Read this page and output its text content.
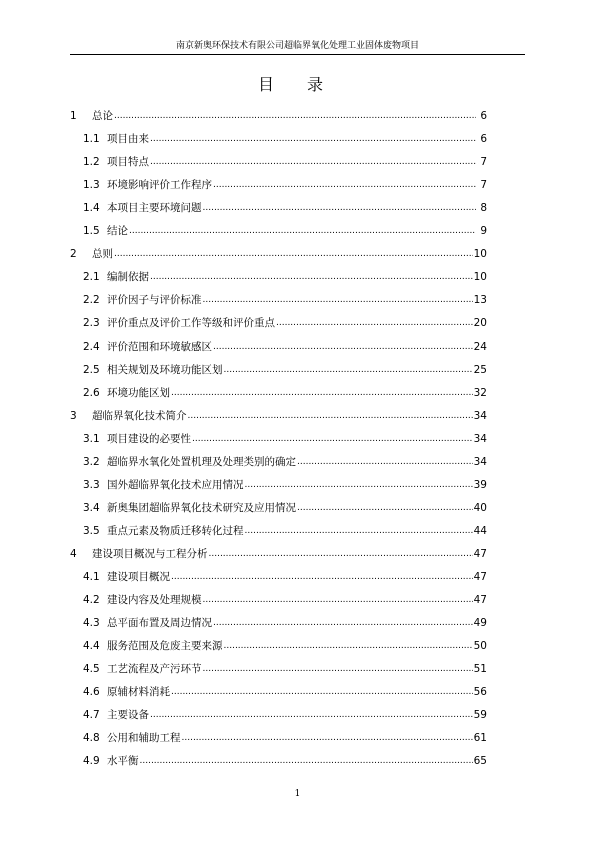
南京新奥环保技术有限公司超临界氧化处理工业固体废物项目
目 录
1	总论 .....	6
1.1 项目由来 .....	6
1.2 项目特点 .....	7
1.3 环境影响评价工作程序 .....	7
1.4 本项目主要环境问题 .....	8
1.5 结论 .....	9
2	总则 .....	10
2.1 编制依据 .....	10
2.2 评价因子与评价标准 .....	13
2.3 评价重点及评价工作等级和评价重点 .....	20
2.4 评价范围和环境敏感区 .....	24
2.5 相关规划及环境功能区划 .....	25
2.6 环境功能区划 .....	32
3	超临界氧化技术简介 .....	34
3.1 项目建设的必要性 .....	34
3.2 超临界水氧化处置机理及处理类别的确定 .....	34
3.3 国外超临界氧化技术应用情况 .....	39
3.4 新奥集团超临界氧化技术研究及应用情况 .....	40
3.5 重点元素及物质迁移转化过程 .....	44
4	建设项目概况与工程分析 .....	47
4.1 建设项目概况 .....	47
4.2 建设内容及处理规模 .....	47
4.3 总平面布置及周边情况 .....	49
4.4 服务范围及危废主要来源 .....	50
4.5 工艺流程及产污环节 .....	51
4.6 原辅材料消耗 .....	56
4.7 主要设备 .....	59
4.8 公用和辅助工程 .....	61
4.9 水平衡 .....	65
1
